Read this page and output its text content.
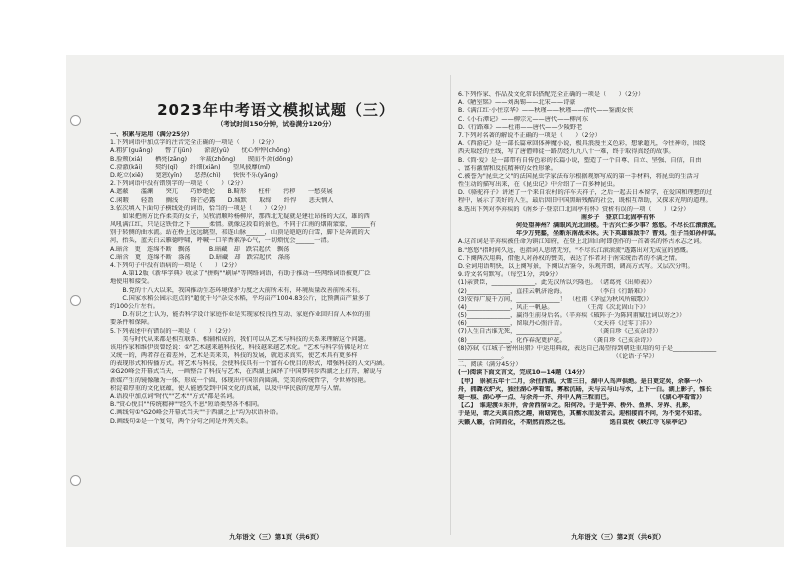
2023年中考语文模拟试题（三）
（考试时间150分钟，试卷满分120分）
一、积累与运用（满分25分）
1.下列词语中加点字的注音完全正确的一项是（　　）（2分）
A.粗犷(guǎng)　　瞥了(jūn)　　淤泥(yū)　　忧心忡忡(chōng)
B.脸颊(xiá)　　栖亮(zāng)　　伞裁(zhōng)　　锲而不舍(dōng)
C.澄澈(kāi)　　契约(qǐ)　　纤细(xiān)　　望风披靡(mǐ)
D.屹立(xiē)　　宽恕(yīn)　　恶热(chì)　　快快不乐(yāng)
2.下列词语中没有错别字的一项是（　　）（2分）
A.遮蔽　　滥涮　　突兀　　巧妙绝伦　　B.畸形　　枉杆　　污秽　　一愁莫展
C.闲暇　　轻盈　　搁浅　　锋芒必露　　D.缄默　　取缔　　纤悍　　悲天悯人
3.依次填入下面句子横线处的词语，恰当的一项是（　　）（2分）
　　如果把南方比作柔美的女子，吴牧清顺吟杨柳岸，那西北无疑就是建壮昂扬的大汉，雄的西
风吼满江红，只是这铁骨之下______柔情。就像这段看的景色，不同于江南的烟雨蒙蒙，______有
别于转侧的曲水流。站在桥上远远眺望，祁连山脉______，山顶是皑皑的白雪，脚下是奔流的大
河，抬头，蓝天白云雁德呼啸，呼喊一口苹香素净心气，一切烦忧会______一清。
A.暗含　更　连绵不断　飘荡　　　B.暗藏　却　跌宕起伏　飘荡
C.暗含　更　连绵不断　涤荡　　　D.暗藏　却　跌宕起伏　涤荡
4.下列句子中没有语病的一项是（　　）（2分）
　　A.第12版《新华字典》收录了"拼购""刷屏"等网络词语，有助于推动一些网络词语被更广泛
地使用和接受。
　　B.党的十八大以来，我国推动生态环境保护力度之大前所未有，环境质量改善前所未有。
　　C.国家水稻公园示范点的"超优千号"杂交水稻，平均亩产1004.83公斤，比预测亩产量多了
约100公斤左右。
　　D.有识之士认为，能否科学设计家庭作业是实现家校良性互动、家庭作业回归育人本位的重
要条件和保障。
5.下列表述中有错误的一项是（　　）（2分）
　　美与时代从来都是相互联系、相辅相成的，我们可以从艺术与科技的关系来理解这个问题。
该用作家和维伊贵曾经说：①"艺术越来越科技化，科技越来越艺术化。"艺术与科学仿佛是对立
又统一的，两者存在着差异，艺术是美来美，科技的发展，就追求真实，使艺术具有更多样
的表现形式和传播方式。将艺术与科技，会使科技具有一个富有心悦目的形式，增强科技的人文内涵。
②G20峰会开幕式当天，一画整合了科技与艺术，在西湖上演绎了中国梦同步西湖之上打开，解说与
新媒产生的镜像融为一体，形成一个圆，体现出中国崇尚圆满、完美的传统哲学，令世界惊艳。
积淀着厚重的文化底蕴，使人能感受到中国文化的真诚，以及中华民族的宽厚与人情。
A.语段中加点词"时代""艺术""方式"都是名词。
B."赏心悦目""传统精神""经久不息"短语类型各不相同。
C.画线句①"G20峰会开幕式当天""于西湖之上"均为状语补语。
D.画线句②是一个复句，两个分句之间是并列关系。
九年语文（三）第1页（共6页）
6.下列作家、作品及文化常识搭配完全正确的一项是（　　）（2分）
A.《陋室铭》——刘禹锡——北宋——诗豪
B.《满江红·小住京华》——秋瑾——秋瑾——清代——鉴湖女侠
C.《小石潭记》——柳宗元——唐代——柳河东
D.《行路难》——杜甫——唐代——少陵野老
7.下列对名著的解说不正确的一项是（　　）（2分）
A.《西游记》是一部长篇章回体神魔小说，极具浪漫主义色彩，想象超凡，今往神奇，围绕
西天取经的主线，写了唐僧师徒一路历经九九八十一难，终于取得真经的故事。
B.《简·爱》是一部带有自传色彩的长篇小说，塑造了一个自尊、自立、坚强、自信，自由
、富有激情和反抗精神的女性形象。
C.被誉为"昆虫之父"的法国昆虫学家法布尔根据观察写成的第一手材料，将昆虫的生活习
性生动的描写出来，在《昆虫记》中介绍了一百多种昆虫。
D.《骆驼祥子》讲述了一个来自农村的洋车夫祥子，之后一起去日本留学，在爱国和理想的过
程中，展示了美好的人生，最后因旧中国黑暗残酷的社会，既相互帮助，又探求光明的道理。
8.选出下列对李弃疾的《南乡子·登京口北固亭有怀》赏析有误的一项（　　）（2分）
南乡子　登京口北固亭有怀
何处望神州？满眼风光北固楼。千古兴亡多少事？悠悠。不尽长江滚滚流。
年少万兜鍪，坐断东南战未休。天下英雄谁敌手？曹刘。生子当如孙仲谋。
A.这首词是辛弃疾被任命为镇江知府，在登上北固山时即创作的一首著名的怀古永志之词。
B."悠悠"指时间久远，也指词人思绪无穷，"不尽长江滚滚流"透露出对无成宣的感慨。
C.下阕两次用典，借他人对孙权的赞美，表达了作者对于南宋统治者的不满之情。
D.全词用语明快，以上阕写景，下阕以古鉴今，乐观开朗，调高方式写。又层次分明。
9.诗文名句默写。（每空1分，共9分）
(1)亲贤臣，______________，此先汉所以兴隆也。　（诸葛亮《出师表》）
(2)______________，直挂云帆济沧海。　　　　　　（李白《行路难》）
(3)安得广厦千万间，______________！　（杜甫《茅屋为秋风所破歌》）
(4)______________，风正一帆悬。　　　　　　（王湾《次北固山下》）
(5)______________，赢得生前身后名。（辛弃疾《破阵子·为陈同甫赋壮词以寄之》）
(6)______________，留取丹心照汗青。　　　　　（文天祥《过零丁洋》）
(7)人生自古谁无死，______________。　　　　　　（龚自珍《己亥杂诗》）
(8)______________，化作春泥更护花。　　　　　（龚自珍《己亥杂诗》）
(8)苏轼《江城子·密州出猎》中运用典故，表达自己渴望得到朝廷重用的句子是______________
______________。　　　　　　　　　　　　　　　　　　（《论语·子罕》）
二、阅读（满分45分）
(一)阅读下面文言文，完成10—14题（14分）
【甲】　崇祯五年十二月，余住西湖。大雪三日，湖中人鸟声俱绝。是日更定矣，余拏一小
舟，拥毳衣炉火，独往湖心亭看雪。雾凇沆砀，天与云与山与水，上下一白。湖上影子，惟长
堤一痕、湖心亭一点、与余舟一芥、舟中人两三粒而已。　　　　　　　　（《湖心亭看雪》）
【乙】　谁迎渡①东井，舍舍西宿②之。阳何冷。于是乎奔、桥外、鱼界、牙界、扎影，
于是见，谓之天真自然之趣，雨窈窕色，其蓄水而发者云。迎相接而不问，为不觉不知者。
天籁人籁，合同而化，不期然而然之也。　　　　　　　选自袁枚《峡江寺飞泉亭记》
九年语文（三）第2页（共6页）
